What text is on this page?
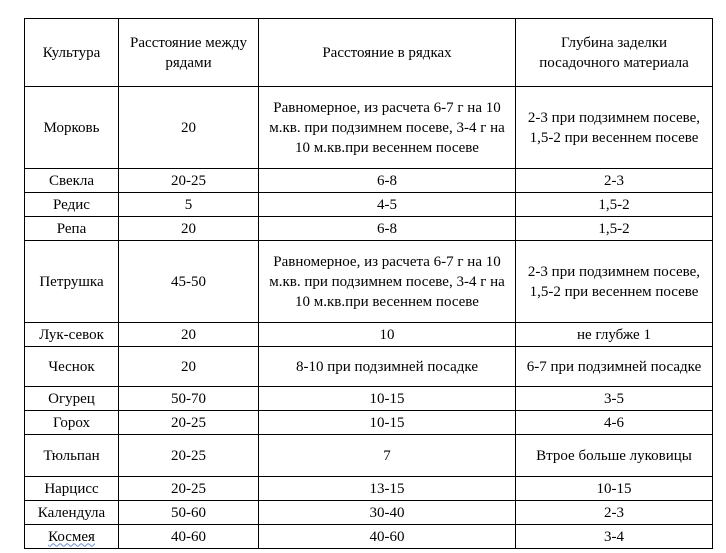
Культура	Расстояние между рядами	Расстояние в рядках	Глубина заделки посадочного материала
Морковь	20	Равномерное, из расчета 6-7 г на 10 м.кв. при подзимнем посеве, 3-4 г на 10 м.кв.при весеннем посеве	2-3 при подзимнем посеве, 1,5-2 при весеннем посеве
Свекла	20-25	6-8	2-3
Редис	5	4-5	1,5-2
Репа	20	6-8	1,5-2
Петрушка	45-50	Равномерное, из расчета 6-7 г на 10 м.кв. при подзимнем посеве, 3-4 г на 10 м.кв.при весеннем посеве	2-3 при подзимнем посеве, 1,5-2 при весеннем посеве
Лук-севок	20	10	не глубже 1
Чеснок	20	8-10 при подзимней посадке	6-7 при подзимней посадке
Огурец	50-70	10-15	3-5
Горох	20-25	10-15	4-6
Тюльпан	20-25	7	Втрое больше луковицы
Нарцисс	20-25	13-15	10-15
Календула	50-60	30-40	2-3
Космея	40-60	40-60	3-4
